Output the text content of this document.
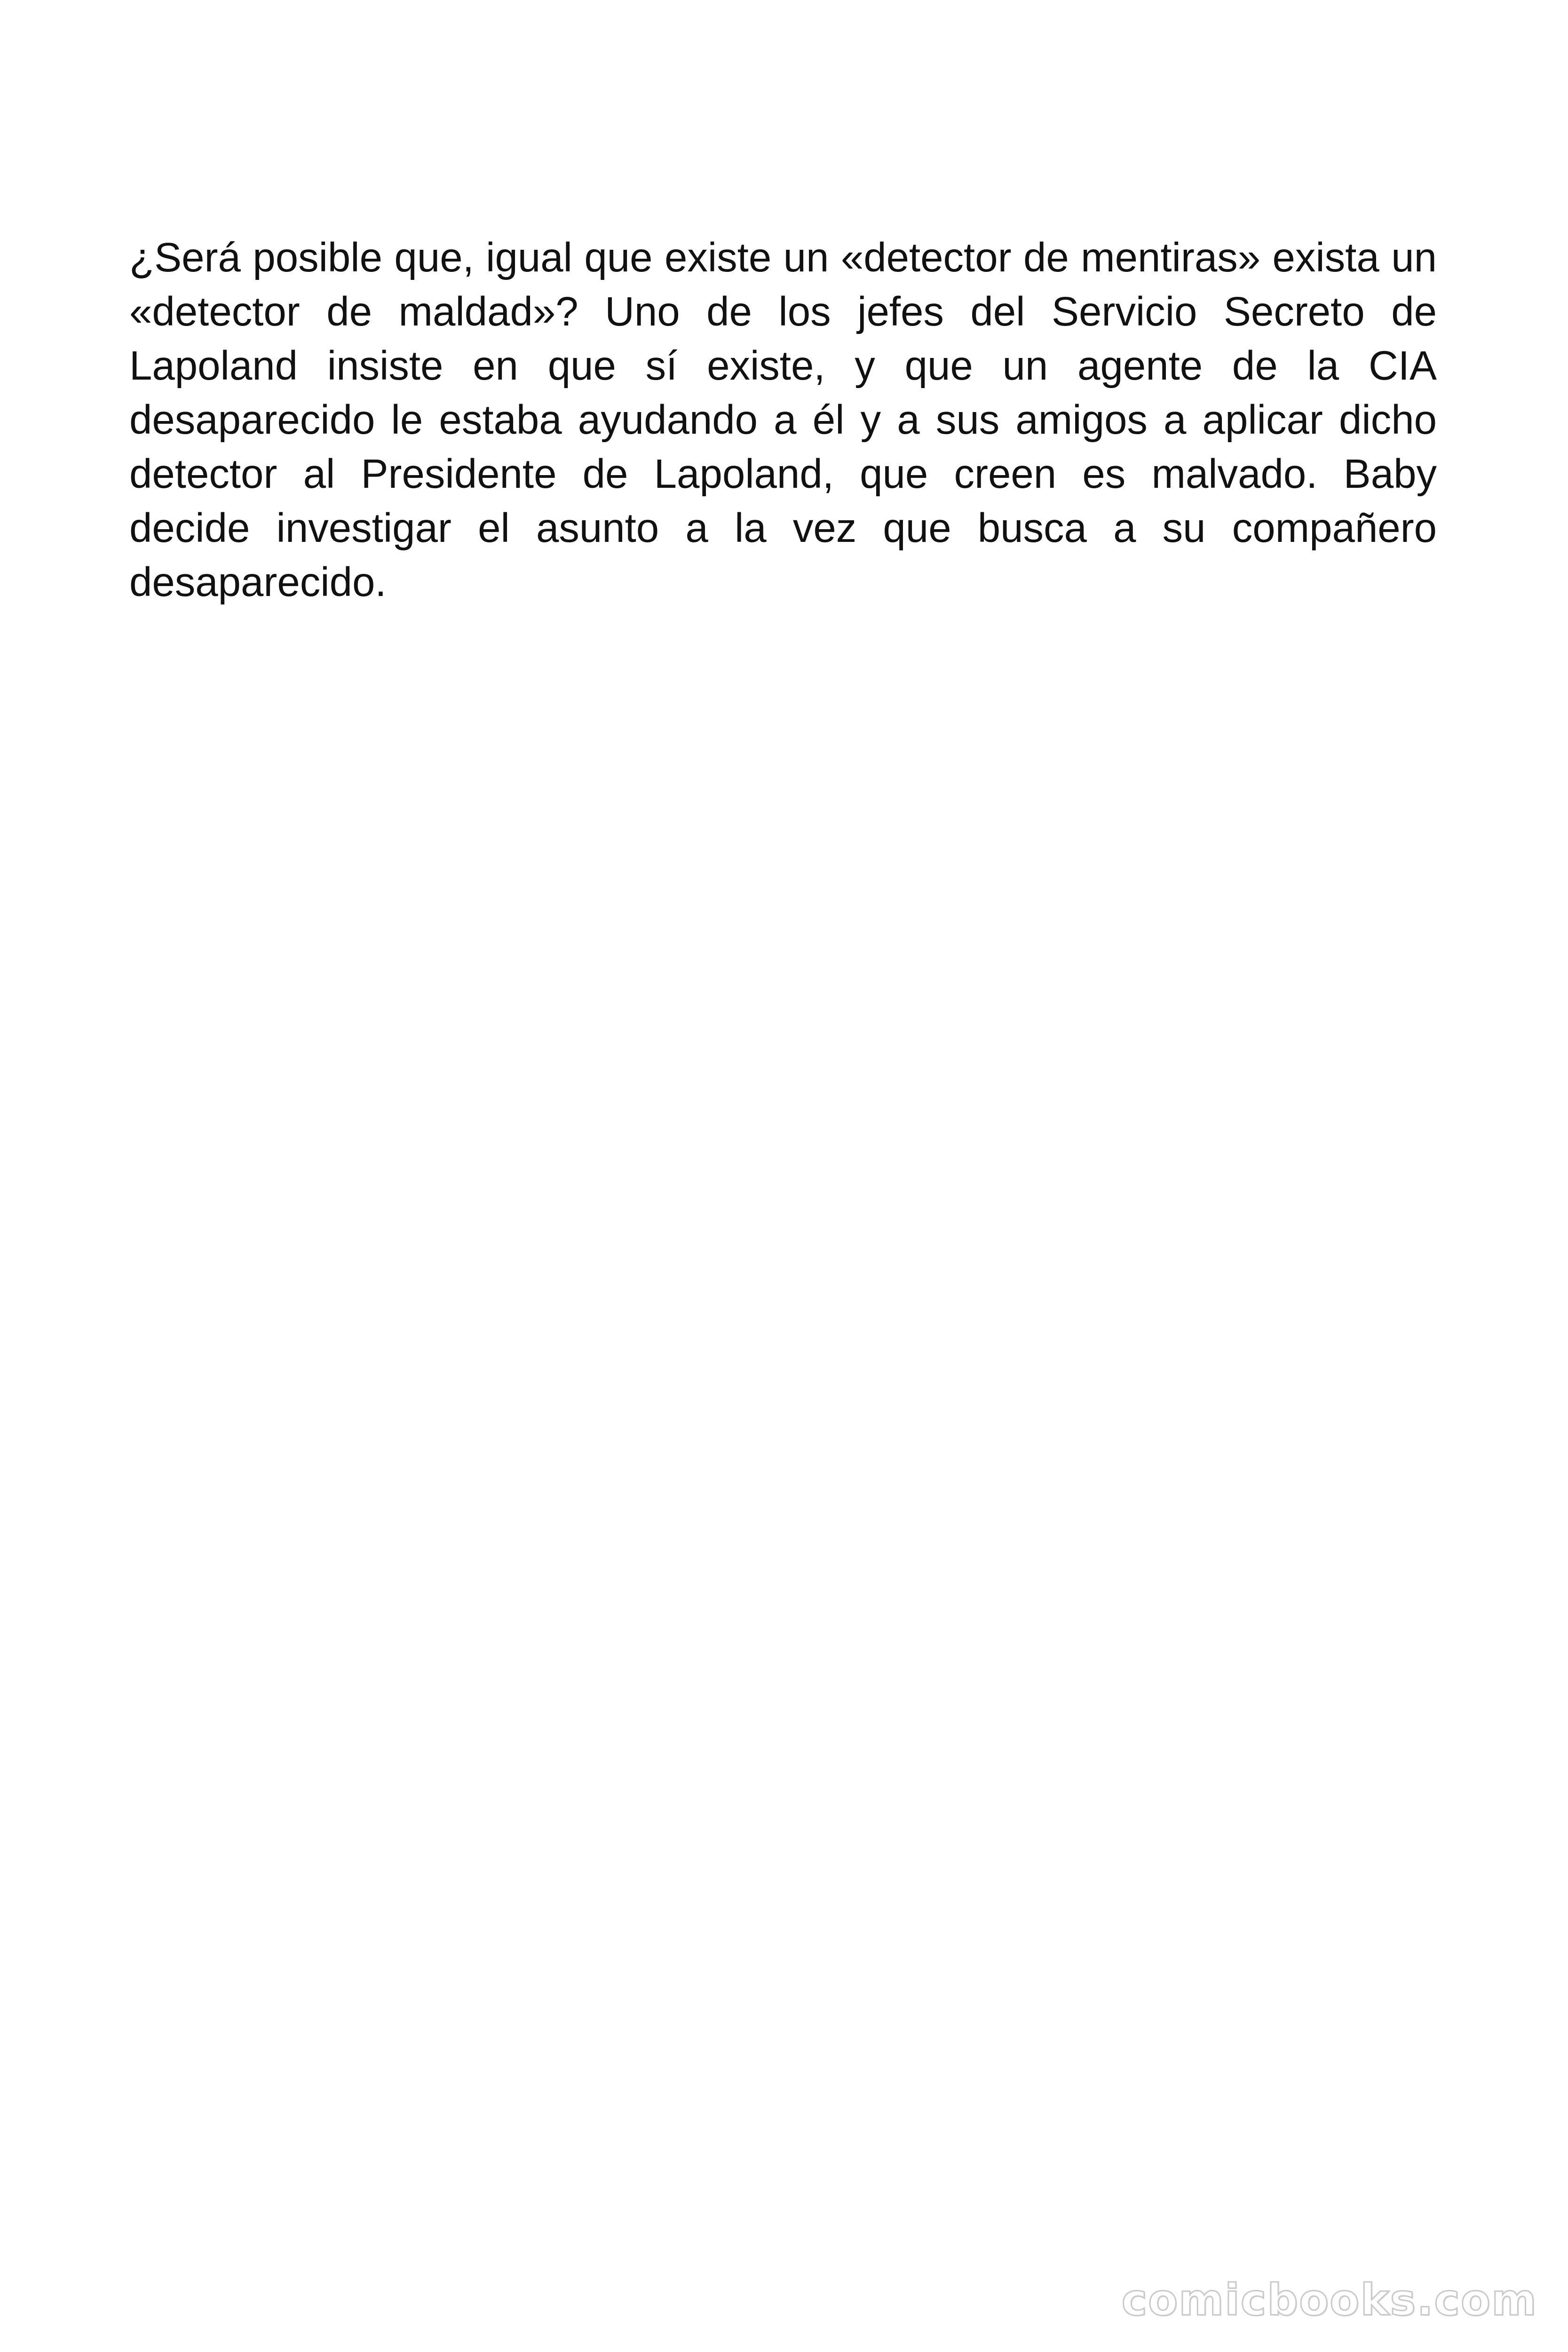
¿Será posible que, igual que existe un «detector de mentiras» exista un «detector de maldad»? Uno de los jefes del Servicio Secreto de Lapoland insiste en que sí existe, y que un agente de la CIA desaparecido le estaba ayudando a él y a sus amigos a aplicar dicho detector al Presidente de Lapoland, que creen es malvado. Baby decide investigar el asunto a la vez que busca a su compañero desaparecido.

comicbooks.com
